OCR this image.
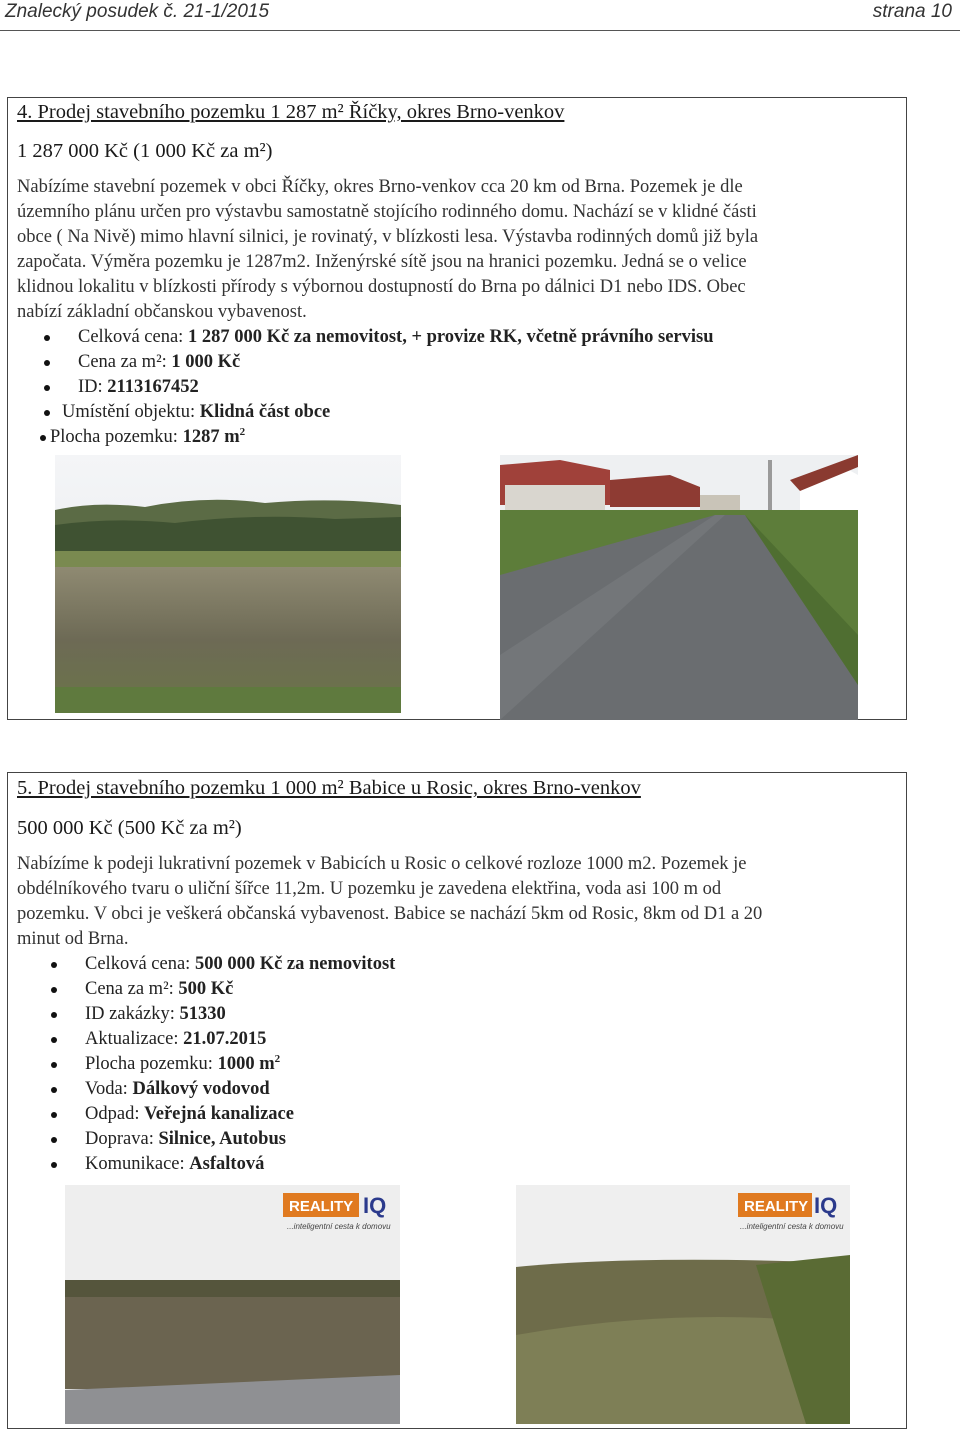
Znalecký posudek č. 21-1/2015	strana 10
4. Prodej stavebního pozemku 1 287 m² Říčky, okres Brno-venkov
1 287 000 Kč (1 000 Kč za m²)
Nabízíme stavební pozemek v obci Říčky, okres Brno-venkov cca 20 km od Brna. Pozemek je dle
územního plánu určen pro výstavbu samostatně stojícího rodinného domu. Nachází se v klidné části
obce ( Na Nivě) mimo hlavní silnici, je rovinatý, v blízkosti lesa. Výstavba rodinných domů již byla
započata. Výměra pozemku je 1287m2. Inženýrské sítě jsou na hranici pozemku. Jedná se o velice
klidnou lokalitu v blízkosti přírody s výbornou dostupností do Brna po dálnici D1 nebo IDS. Obec
nabízí základní občanskou vybavenost.
Celková cena: 1 287 000 Kč za nemovitost, + provize RK, včetně právního servisu
Cena za m²: 1 000 Kč
ID: 2113167452
Umístění objektu: Klidná část obce
Plocha pozemku: 1287 $m^2$
5. Prodej stavebního pozemku 1 000 m² Babice u Rosic, okres Brno-venkov
500 000 Kč (500 Kč za m²)
Nabízíme k podeji lukrativní pozemek v Babicích u Rosic o celkové rozloze 1000 m2. Pozemek je
obdélníkového tvaru o uliční šířce 11,2m. U pozemku je zavedena elektřina, voda asi 100 m od
pozemku. V obci je veškerá občanská vybavenost. Babice se nachází 5km od Rosic, 8km od D1 a 20
minut od Brna.
Celková cena: 500 000 Kč za nemovitost
Cena za m²: 500 Kč
ID zakázky: 51330
Aktualizace: 21.07.2015
Plocha pozemku: 1000 $m^2$
Voda: Dálkový vodovod
Odpad: Veřejná kanalizace
Doprava: Silnice, Autobus
Komunikace: Asfaltová
REALITY IQ
...inteligentní cesta k domovu
REALITY IQ
...inteligentní cesta k domovu
